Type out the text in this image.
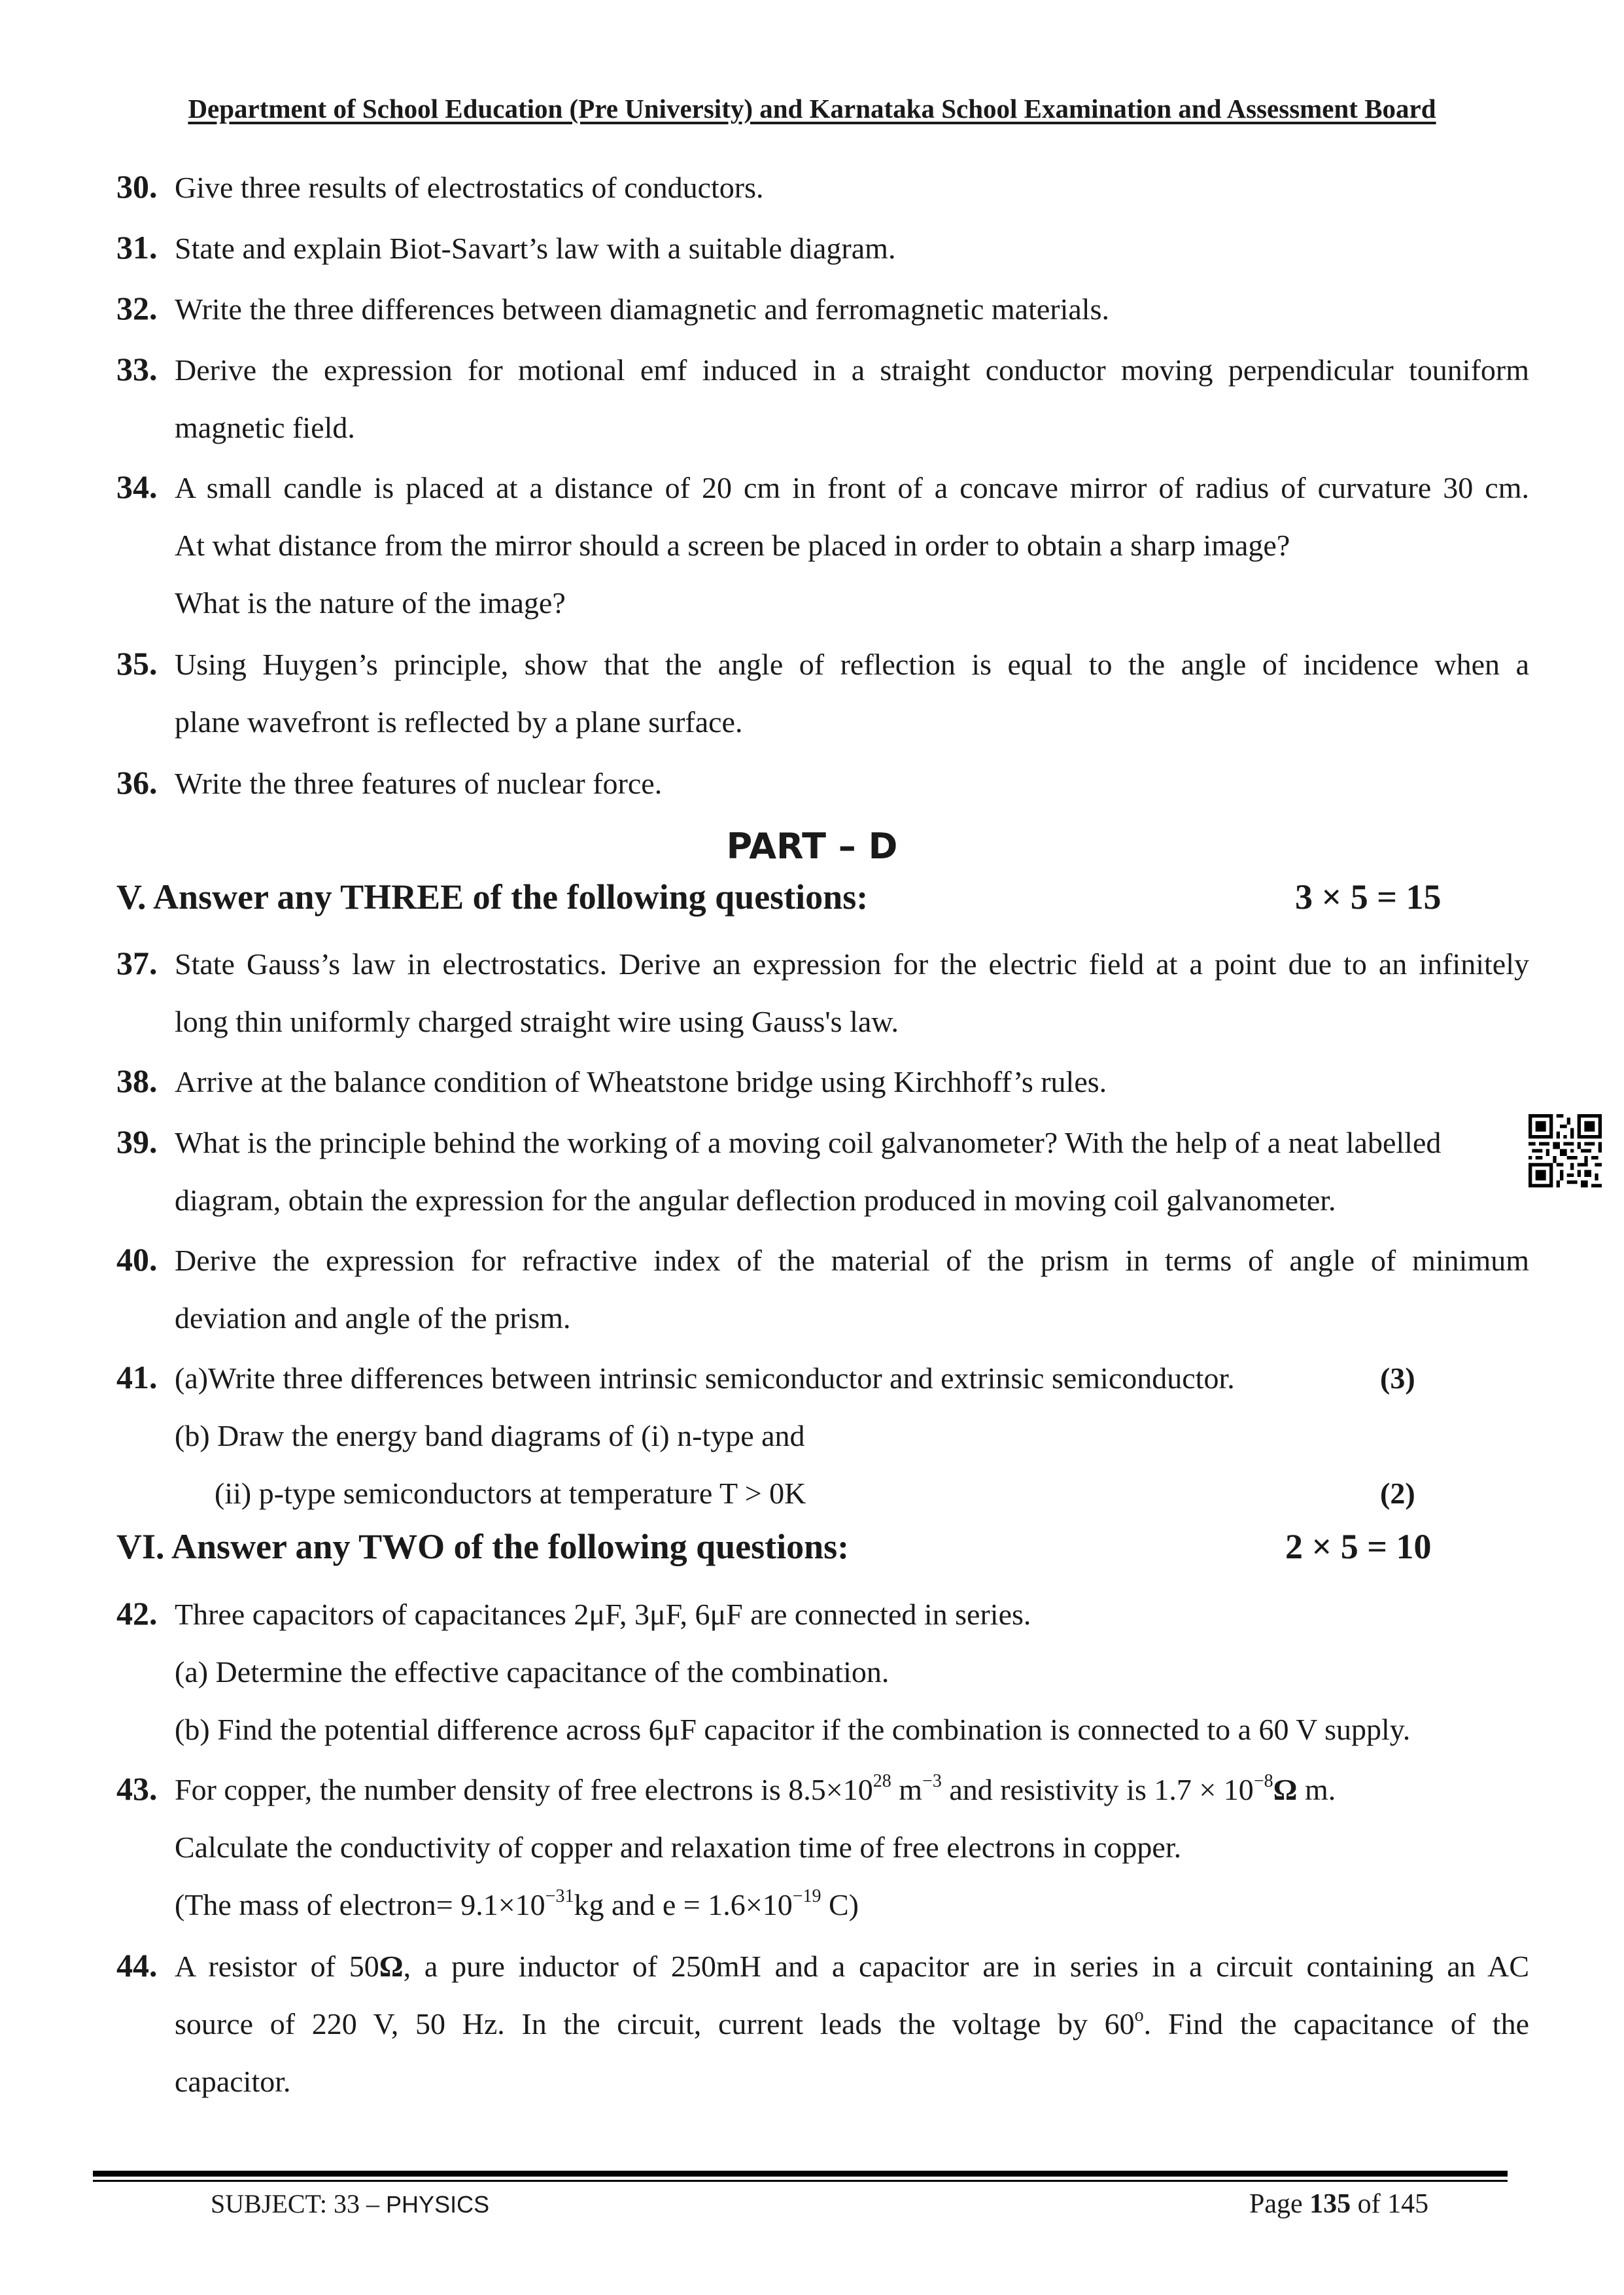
Department of School Education (Pre University) and Karnataka School Examination and Assessment Board
30. Give three results of electrostatics of conductors.
31. State and explain Biot-Savart’s law with a suitable diagram.
32. Write the three differences between diamagnetic and ferromagnetic materials.
33. Derive the expression for motional emf induced in a straight conductor moving perpendicular touniform
magnetic field.
34. A small candle is placed at a distance of 20 cm in front of a concave mirror of radius of curvature 30 cm.
At what distance from the mirror should a screen be placed in order to obtain a sharp image?
What is the nature of the image?
35. Using Huygen’s principle, show that the angle of reflection is equal to the angle of incidence when a
plane wavefront is reflected by a plane surface.
36. Write the three features of nuclear force.
PART – D
V. Answer any THREE of the following questions:	3 × 5 = 15
37. State Gauss’s law in electrostatics. Derive an expression for the electric field at a point due to an infinitely
long thin uniformly charged straight wire using Gauss's law.
38. Arrive at the balance condition of Wheatstone bridge using Kirchhoff’s rules.
39. What is the principle behind the working of a moving coil galvanometer? With the help of a neat labelled
diagram, obtain the expression for the angular deflection produced in moving coil galvanometer.
40. Derive the expression for refractive index of the material of the prism in terms of angle of minimum
deviation and angle of the prism.
41. (a)Write three differences between intrinsic semiconductor and extrinsic semiconductor.
(b) Draw the energy band diagrams of (i) n-type and
(ii) p-type semiconductors at temperature T > 0K
(3)
(2)
VI. Answer any TWO of the following questions:	2 × 5 = 10
42. Three capacitors of capacitances 2μF, 3μF, 6μF are connected in series.
(a) Determine the effective capacitance of the combination.
(b) Find the potential difference across 6μF capacitor if the combination is connected to a 60 V supply.
43. For copper, the number density of free electrons is $8.5\times 10^{28}$ $m^{-3}$ and resistivity is $1.7 \times 10^{-8}\Omega$ m.
Calculate the conductivity of copper and relaxation time of free electrons in copper.
(The mass of electron= $9.1\times 10^{-31}kg$ and $e = 1.6\times 10^{-19}$ C)
44. A resistor of 50Ω, a pure inductor of 250mH and a capacitor are in series in a circuit containing an AC
source of 220 V, 50 Hz. In the circuit, current leads the voltage by 60$^o$. Find the capacitance of the
capacitor.
SUBJECT: 33 – PHYSICS	Page 135 of 145
